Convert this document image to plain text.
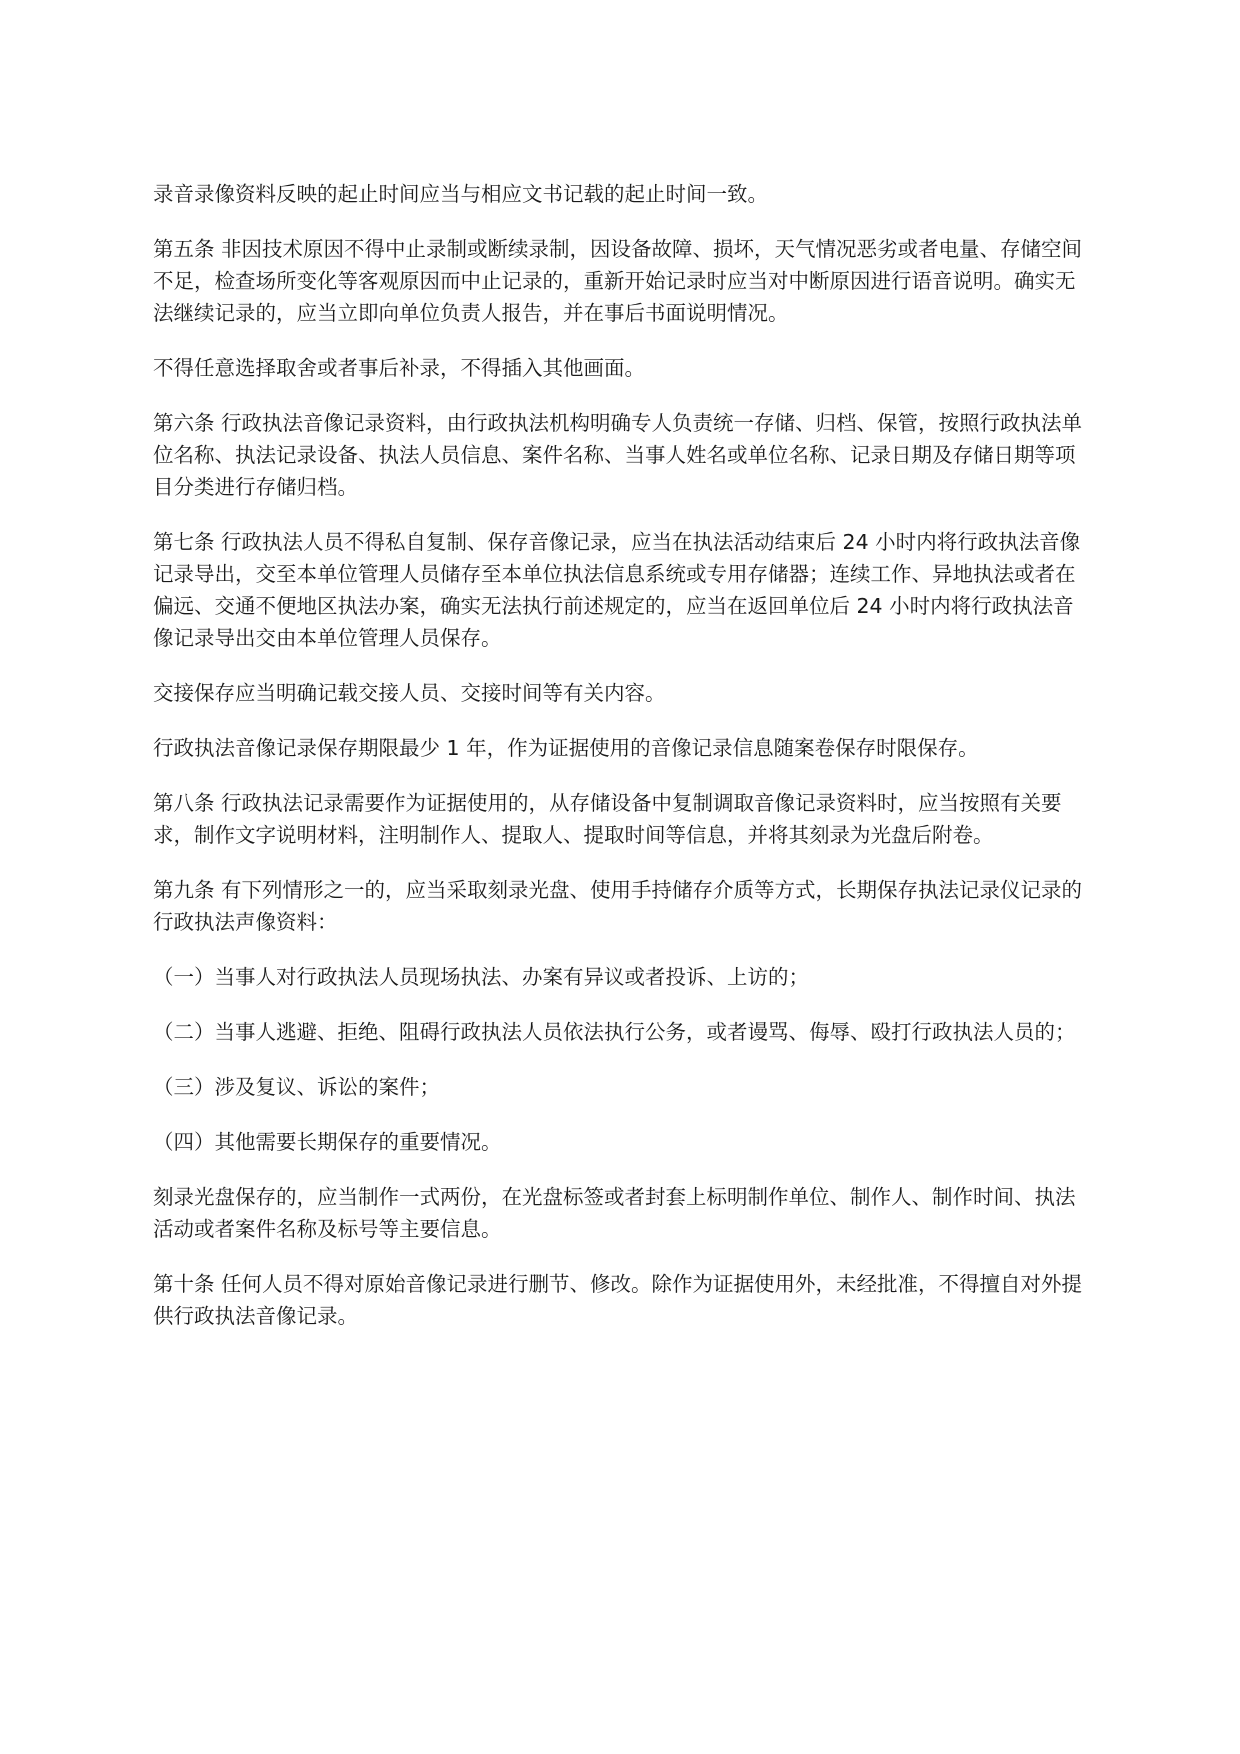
录音录像资料反映的起止时间应当与相应文书记载的起止时间一致。

第五条 非因技术原因不得中止录制或断续录制，因设备故障、损坏，天气情况恶劣或者电量、存储空间不足，检查场所变化等客观原因而中止记录的，重新开始记录时应当对中断原因进行语音说明。确实无法继续记录的，应当立即向单位负责人报告，并在事后书面说明情况。

不得任意选择取舍或者事后补录，不得插入其他画面。

第六条 行政执法音像记录资料，由行政执法机构明确专人负责统一存储、归档、保管，按照行政执法单位名称、执法记录设备、执法人员信息、案件名称、当事人姓名或单位名称、记录日期及存储日期等项目分类进行存储归档。

第七条 行政执法人员不得私自复制、保存音像记录，应当在执法活动结束后 24 小时内将行政执法音像记录导出，交至本单位管理人员储存至本单位执法信息系统或专用存储器；连续工作、异地执法或者在偏远、交通不便地区执法办案，确实无法执行前述规定的，应当在返回单位后 24 小时内将行政执法音像记录导出交由本单位管理人员保存。

交接保存应当明确记载交接人员、交接时间等有关内容。

行政执法音像记录保存期限最少 1 年，作为证据使用的音像记录信息随案卷保存时限保存。

第八条 行政执法记录需要作为证据使用的，从存储设备中复制调取音像记录资料时，应当按照有关要求，制作文字说明材料，注明制作人、提取人、提取时间等信息，并将其刻录为光盘后附卷。

第九条 有下列情形之一的，应当采取刻录光盘、使用手持储存介质等方式，长期保存执法记录仪记录的行政执法声像资料：

（一）当事人对行政执法人员现场执法、办案有异议或者投诉、上访的；

（二）当事人逃避、拒绝、阻碍行政执法人员依法执行公务，或者谩骂、侮辱、殴打行政执法人员的；

（三）涉及复议、诉讼的案件；

（四）其他需要长期保存的重要情况。

刻录光盘保存的，应当制作一式两份，在光盘标签或者封套上标明制作单位、制作人、制作时间、执法活动或者案件名称及标号等主要信息。

第十条 任何人员不得对原始音像记录进行删节、修改。除作为证据使用外，未经批准，不得擅自对外提供行政执法音像记录。
